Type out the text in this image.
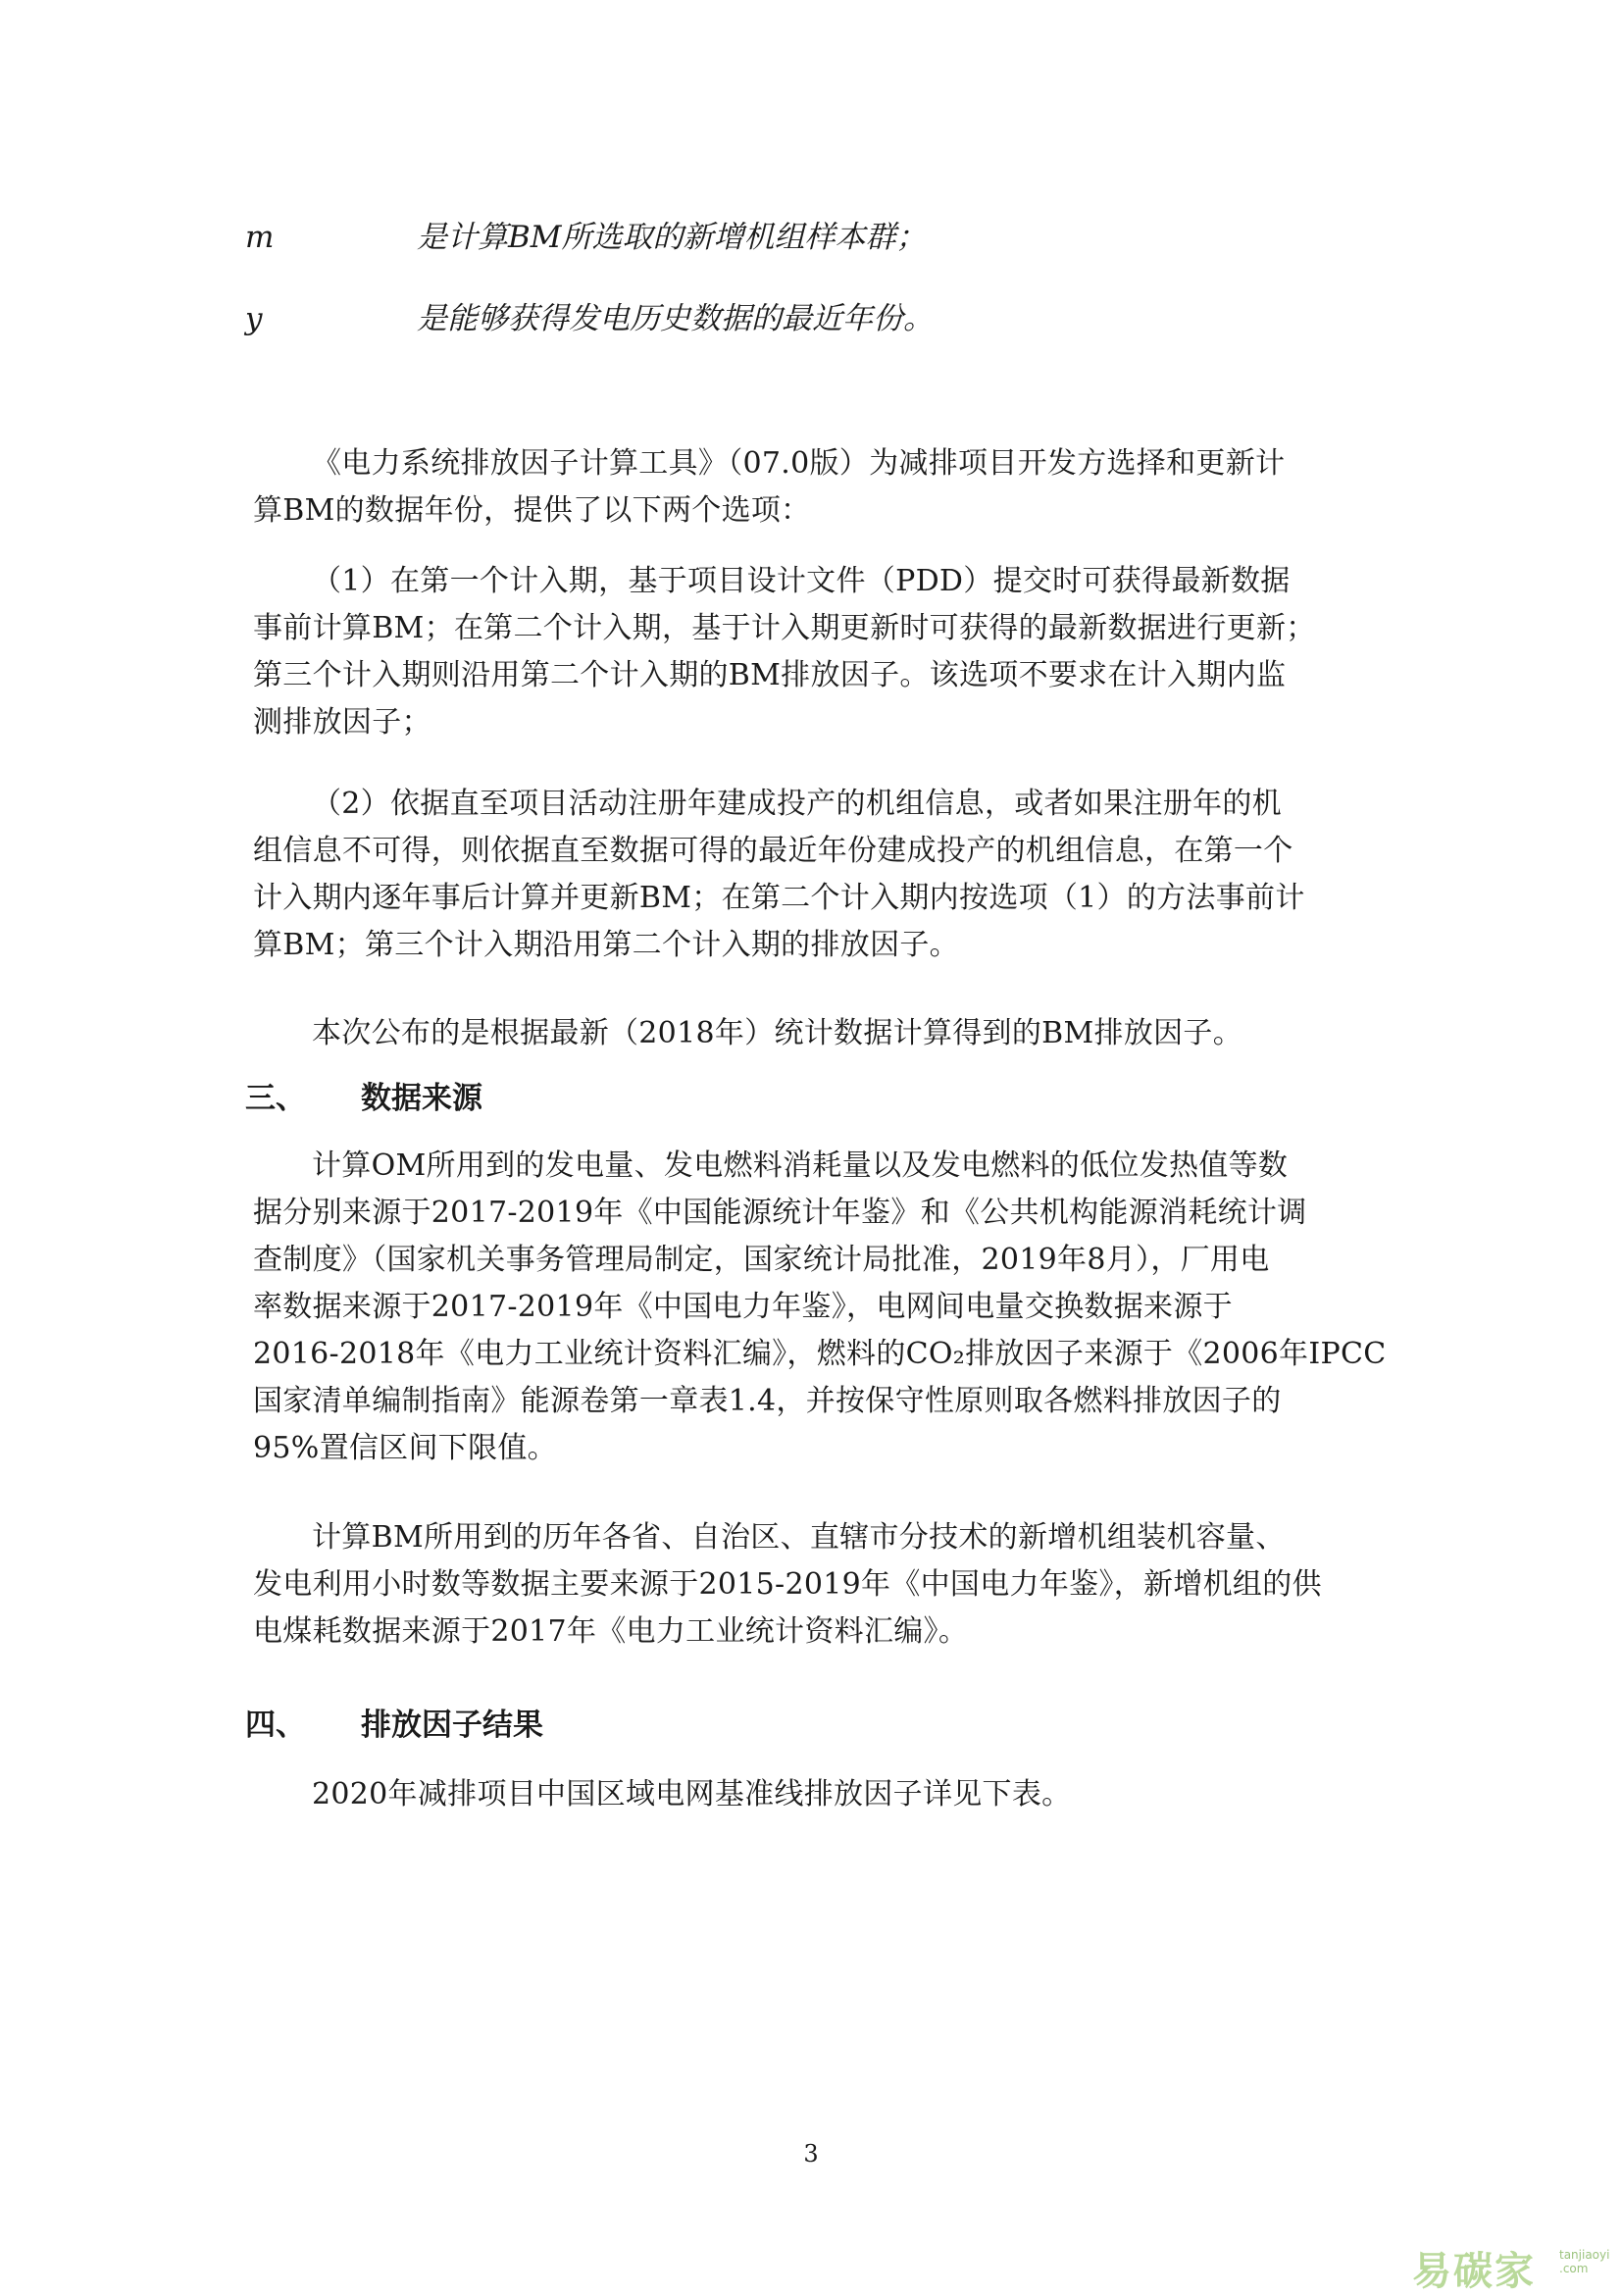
m	是计算BM所选取的新增机组样本群；
y	是能够获得发电历史数据的最近年份。
《电力系统排放因子计算工具》（07.0版）为减排项目开发方选择和更新计
算BM的数据年份，提供了以下两个选项：
（1）在第一个计入期，基于项目设计文件（PDD）提交时可获得最新数据
事前计算BM；在第二个计入期，基于计入期更新时可获得的最新数据进行更新；
第三个计入期则沿用第二个计入期的BM排放因子。该选项不要求在计入期内监
测排放因子；
（2）依据直至项目活动注册年建成投产的机组信息，或者如果注册年的机
组信息不可得，则依据直至数据可得的最近年份建成投产的机组信息，在第一个
计入期内逐年事后计算并更新BM；在第二个计入期内按选项（1）的方法事前计
算BM；第三个计入期沿用第二个计入期的排放因子。
本次公布的是根据最新（2018年）统计数据计算得到的BM排放因子。
三、 数据来源
计算OM所用到的发电量、发电燃料消耗量以及发电燃料的低位发热值等数
据分别来源于2017-2019年《中国能源统计年鉴》和《公共机构能源消耗统计调
查制度》（国家机关事务管理局制定，国家统计局批准，2019年8月），厂用电
率数据来源于2017-2019年《中国电力年鉴》，电网间电量交换数据来源于
2016-2018年《电力工业统计资料汇编》，燃料的CO₂排放因子来源于《2006年IPCC
国家清单编制指南》能源卷第一章表1.4，并按保守性原则取各燃料排放因子的
95%置信区间下限值。
计算BM所用到的历年各省、自治区、直辖市分技术的新增机组装机容量、
发电利用小时数等数据主要来源于2015-2019年《中国电力年鉴》，新增机组的供
电煤耗数据来源于2017年《电力工业统计资料汇编》。
四、 排放因子结果
2020年减排项目中国区域电网基准线排放因子详见下表。
3
易碳家 tanjiaoyi .com
